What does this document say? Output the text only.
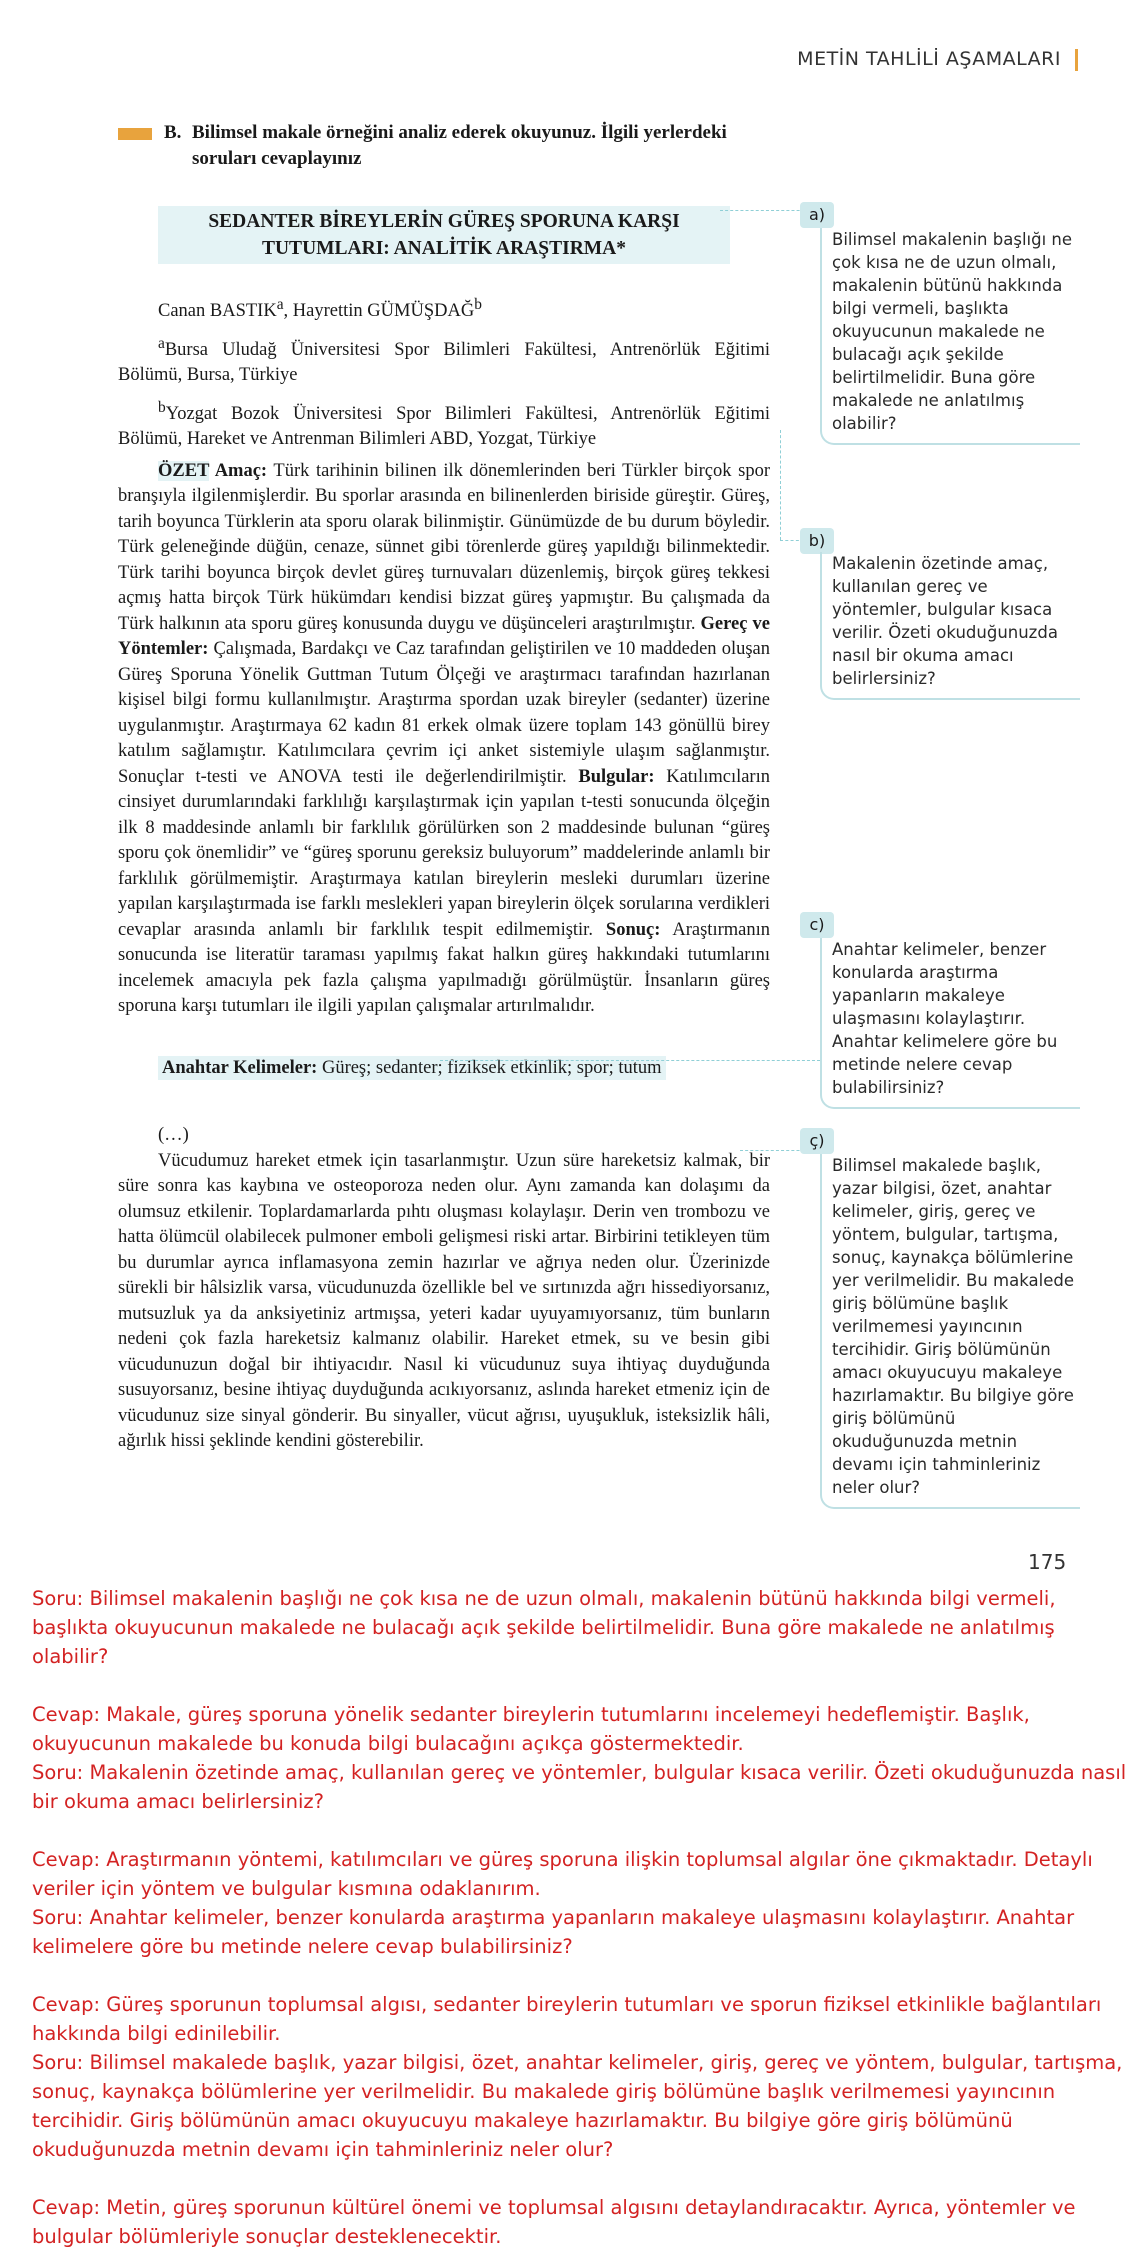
METİN TAHLİLİ AŞAMALARI
B. Bilimsel makale örneğini analiz ederek okuyunuz. İlgili yerlerdeki soruları cevaplayınız
SEDANTER BİREYLERİN GÜREŞ SPORUNA KARŞI TUTUMLARI: ANALİTİK ARAŞTIRMA*
Canan BASTIK$^a$, Hayrettin GÜMÜŞDAĞ$^b$
$^a$Bursa Uludağ Üniversitesi Spor Bilimleri Fakültesi, Antrenörlük Eğitimi Bölümü, Bursa, Türkiye
$^b$Yozgat Bozok Üniversitesi Spor Bilimleri Fakültesi, Antrenörlük Eğitimi Bölümü, Hareket ve Antrenman Bilimleri ABD, Yozgat, Türkiye
ÖZET Amaç: Türk tarihinin bilinen ilk dönemlerinden beri Türkler birçok spor branşıyla ilgilenmişlerdir. Bu sporlar arasında en bilinenlerden biriside güreştir. Güreş, tarih boyunca Türklerin ata sporu olarak bilinmiştir. Günümüzde de bu durum böyledir. Türk geleneğinde düğün, cenaze, sünnet gibi törenlerde güreş yapıldığı bilinmektedir. Türk tarihi boyunca birçok devlet güreş turnuvaları düzenlemiş, birçok güreş tekkesi açmış hatta birçok Türk hükümdarı kendisi bizzat güreş yapmıştır. Bu çalışmada da Türk halkının ata sporu güreş konusunda duygu ve düşünceleri araştırılmıştır. Gereç ve Yöntemler: Çalışmada, Bardakçı ve Caz tarafından geliştirilen ve 10 maddeden oluşan Güreş Sporuna Yönelik Guttman Tutum Ölçeği ve araştırmacı tarafından hazırlanan kişisel bilgi formu kullanılmıştır. Araştırma spordan uzak bireyler (sedanter) üzerine uygulanmıştır. Araştırmaya 62 kadın 81 erkek olmak üzere toplam 143 gönüllü birey katılım sağlamıştır. Katılımcılara çevrim içi anket sistemiyle ulaşım sağlanmıştır. Sonuçlar t-testi ve ANOVA testi ile değerlendirilmiştir. Bulgular: Katılımcıların cinsiyet durumlarındaki farklılığı karşılaştırmak için yapılan t-testi sonucunda ölçeğin ilk 8 maddesinde anlamlı bir farklılık görülürken son 2 maddesinde bulunan “güreş sporu çok önemlidir” ve “güreş sporunu gereksiz buluyorum” maddelerinde anlamlı bir farklılık görülmemiştir. Araştırmaya katılan bireylerin mesleki durumları üzerine yapılan karşılaştırmada ise farklı meslekleri yapan bireylerin ölçek sorularına verdikleri cevaplar arasında anlamlı bir farklılık tespit edilmemiştir. Sonuç: Araştırmanın sonucunda ise literatür taraması yapılmış fakat halkın güreş hakkındaki tutumlarını incelemek amacıyla pek fazla çalışma yapılmadığı görülmüştür. İnsanların güreş sporuna karşı tutumları ile ilgili yapılan çalışmalar artırılmalıdır.
Anahtar Kelimeler: Güreş; sedanter; fiziksek etkinlik; spor; tutum
(…)
Vücudumuz hareket etmek için tasarlanmıştır. Uzun süre hareketsiz kalmak, bir süre sonra kas kaybına ve osteoporoza neden olur. Aynı zamanda kan dolaşımı da olumsuz etkilenir. Toplardamarlarda pıhtı oluşması kolaylaşır. Derin ven trombozu ve hatta ölümcül olabilecek pulmoner emboli gelişmesi riski artar. Birbirini tetikleyen tüm bu durumlar ayrıca inflamasyona zemin hazırlar ve ağrıya neden olur. Üzerinizde sürekli bir hâlsizlik varsa, vücudunuzda özellikle bel ve sırtınızda ağrı hissediyorsanız, mutsuzluk ya da anksiyetiniz artmışsa, yeteri kadar uyuyamıyorsanız, tüm bunların nedeni çok fazla hareketsiz kalmanız olabilir. Hareket etmek, su ve besin gibi vücudunuzun doğal bir ihtiyacıdır. Nasıl ki vücudunuz suya ihtiyaç duyduğunda susuyorsanız, besine ihtiyaç duyduğunda acıkıyorsanız, aslında hareket etmeniz için de vücudunuz size sinyal gönderir. Bu sinyaller, vücut ağrısı, uyuşukluk, isteksizlik hâli, ağırlık hissi şeklinde kendini gösterebilir.
a)
Bilimsel makalenin başlığı ne çok kısa ne de uzun olmalı, makalenin bütünü hakkında bilgi vermeli, başlıkta okuyucunun makalede ne bulacağı açık şekilde belirtilmelidir. Buna göre makalede ne anlatılmış olabilir?
b)
Makalenin özetinde amaç, kullanılan gereç ve yöntemler, bulgular kısaca verilir. Özeti okuduğunuzda nasıl bir okuma amacı belirlersiniz?
c)
Anahtar kelimeler, benzer konularda araştırma yapanların makaleye ulaşmasını kolaylaştırır. Anahtar kelimelere göre bu metinde nelere cevap bulabilirsiniz?
ç)
Bilimsel makalede başlık, yazar bilgisi, özet, anahtar kelimeler, giriş, gereç ve yöntem, bulgular, tartışma, sonuç, kaynakça bölümlerine yer verilmelidir. Bu makalede giriş bölümüne başlık verilmemesi yayıncının tercihidir. Giriş bölümünün amacı okuyucuyu makaleye hazırlamaktır. Bu bilgiye göre giriş bölümünü okuduğunuzda metnin devamı için tahminleriniz neler olur?
175
Soru: Bilimsel makalenin başlığı ne çok kısa ne de uzun olmalı, makalenin bütünü hakkında bilgi vermeli, başlıkta okuyucunun makalede ne bulacağı açık şekilde belirtilmelidir. Buna göre makalede ne anlatılmış olabilir?
Cevap: Makale, güreş sporuna yönelik sedanter bireylerin tutumlarını incelemeyi hedeflemiştir. Başlık, okuyucunun makalede bu konuda bilgi bulacağını açıkça göstermektedir.
Soru: Makalenin özetinde amaç, kullanılan gereç ve yöntemler, bulgular kısaca verilir. Özeti okuduğunuzda nasıl bir okuma amacı belirlersiniz?
Cevap: Araştırmanın yöntemi, katılımcıları ve güreş sporuna ilişkin toplumsal algılar öne çıkmaktadır. Detaylı veriler için yöntem ve bulgular kısmına odaklanırım.
Soru: Anahtar kelimeler, benzer konularda araştırma yapanların makaleye ulaşmasını kolaylaştırır. Anahtar kelimelere göre bu metinde nelere cevap bulabilirsiniz?
Cevap: Güreş sporunun toplumsal algısı, sedanter bireylerin tutumları ve sporun fiziksel etkinlikle bağlantıları hakkında bilgi edinilebilir.
Soru: Bilimsel makalede başlık, yazar bilgisi, özet, anahtar kelimeler, giriş, gereç ve yöntem, bulgular, tartışma, sonuç, kaynakça bölümlerine yer verilmelidir. Bu makalede giriş bölümüne başlık verilmemesi yayıncının tercihidir. Giriş bölümünün amacı okuyucuyu makaleye hazırlamaktır. Bu bilgiye göre giriş bölümünü okuduğunuzda metnin devamı için tahminleriniz neler olur?
Cevap: Metin, güreş sporunun kültürel önemi ve toplumsal algısını detaylandıracaktır. Ayrıca, yöntemler ve bulgular bölümleriyle sonuçlar desteklenecektir.
